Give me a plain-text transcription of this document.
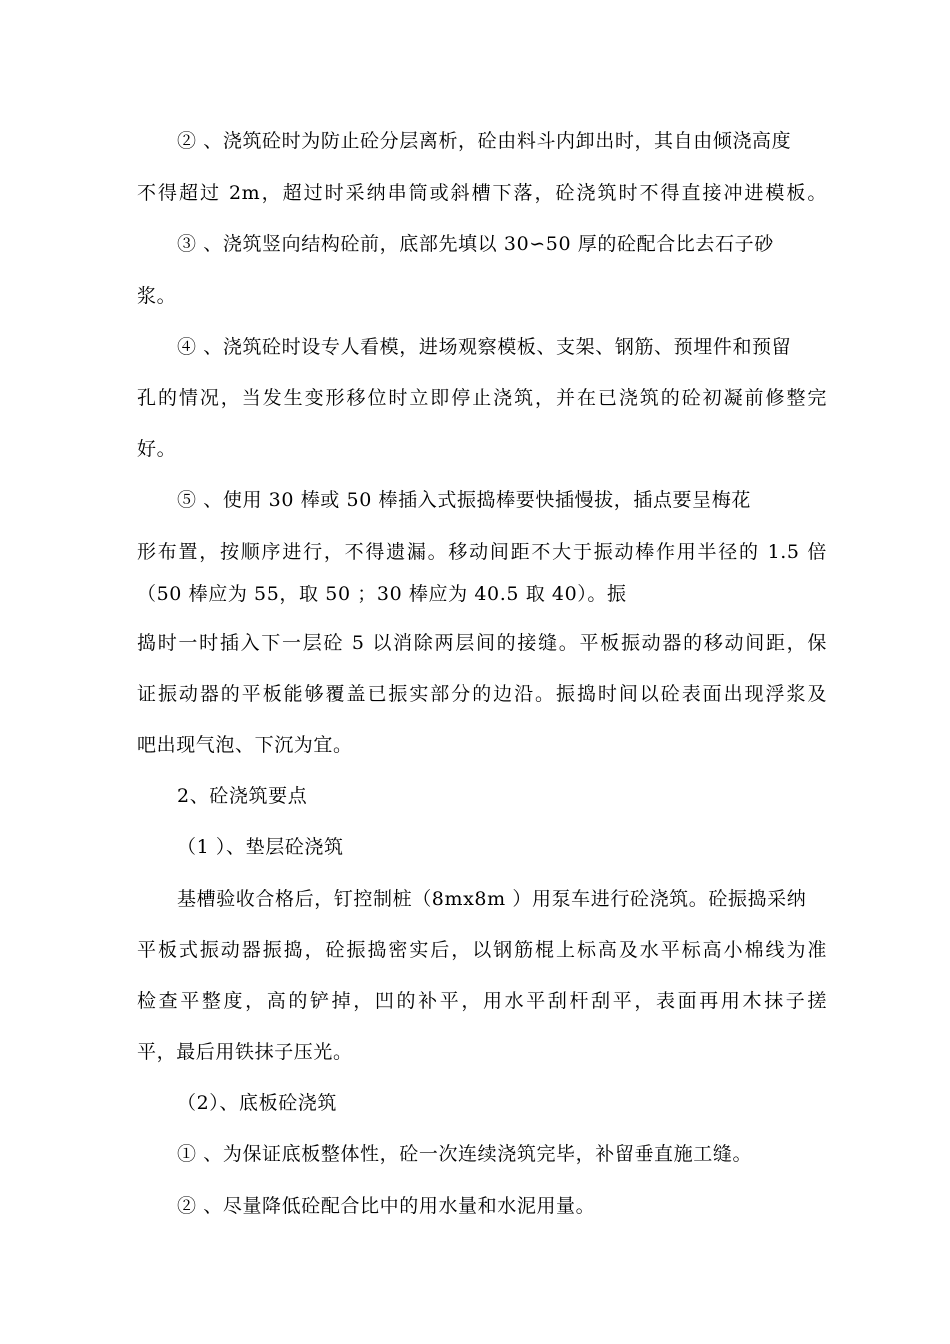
② 、浇筑砼时为防止砼分层离析，砼由料斗内卸出时，其自由倾浇高度
不得超过 2m，超过时采纳串筒或斜槽下落，砼浇筑时不得直接冲进模板。
③ 、浇筑竖向结构砼前，底部先填以 30∽50 厚的砼配合比去石子砂
浆。
④ 、浇筑砼时设专人看模，进场观察模板、支架、钢筋、预埋件和预留
孔的情况，当发生变形移位时立即停止浇筑，并在已浇筑的砼初凝前修整完
好。
⑤ 、使用 30 棒或 50 棒插入式振捣棒要快插慢拔，插点要呈梅花
形布置，按顺序进行，不得遗漏。移动间距不大于振动棒作用半径的 1.5 倍
（50 棒应为 55，取 50 ；30 棒应为 40.5 取 40）。振
捣时一时插入下一层砼 5 以消除两层间的接缝。平板振动器的移动间距，保
证振动器的平板能够覆盖已振实部分的边沿。振捣时间以砼表面出现浮浆及
吧出现气泡、下沉为宜。
2、砼浇筑要点
（1 ）、垫层砼浇筑
基槽验收合格后，钉控制桩（8mx8m ）用泵车进行砼浇筑。砼振捣采纳
平板式振动器振捣，砼振捣密实后，以钢筋棍上标高及水平标高小棉线为准
检查平整度，高的铲掉，凹的补平，用水平刮杆刮平，表面再用木抹子搓
平，最后用铁抹子压光。
（2）、底板砼浇筑
① 、为保证底板整体性，砼一次连续浇筑完毕，补留垂直施工缝。
② 、尽量降低砼配合比中的用水量和水泥用量。
